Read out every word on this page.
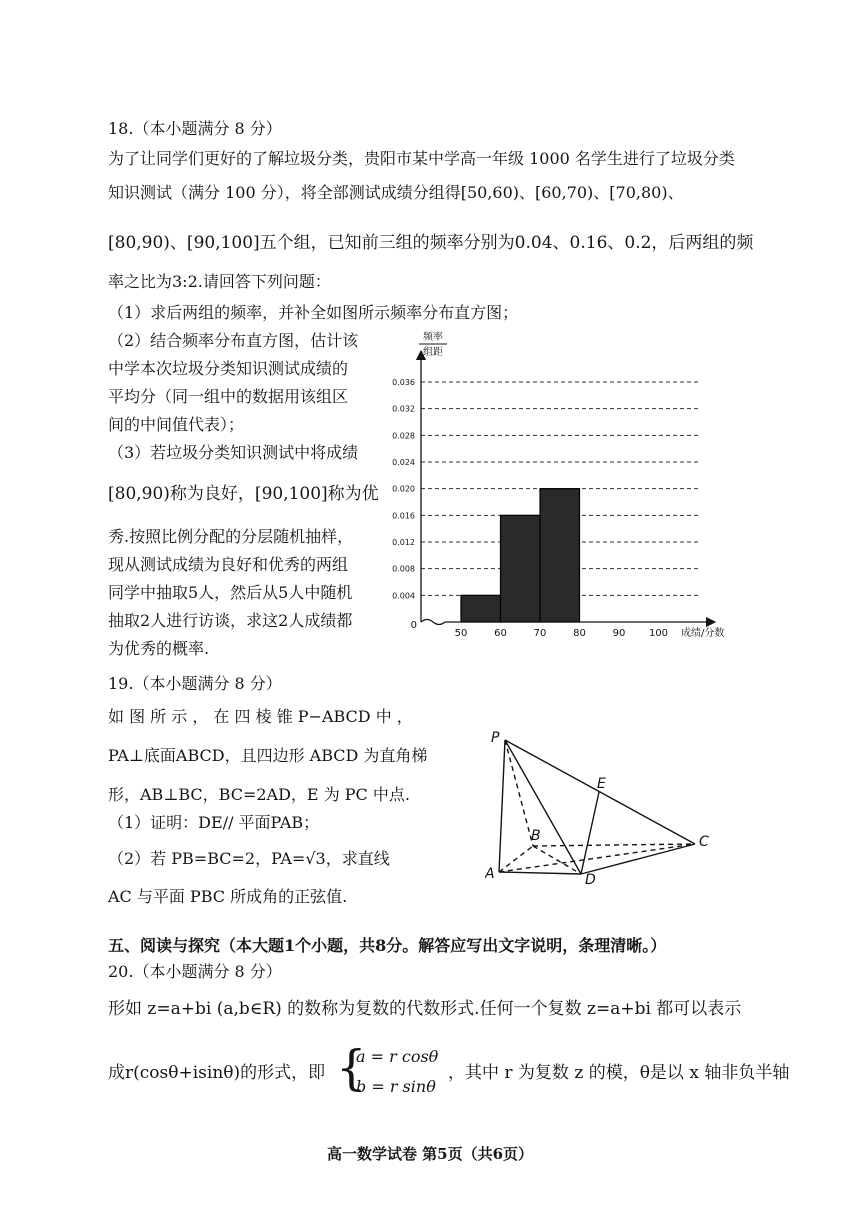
18.（本小题满分 8 分）
为了让同学们更好的了解垃圾分类，贵阳市某中学高一年级 1000 名学生进行了垃圾分类
知识测试（满分 100 分），将全部测试成绩分组得[50,60)、[60,70)、[70,80)、
[80,90)、[90,100]五个组，已知前三组的频率分别为0.04、0.16、0.2，后两组的频
率之比为3:2.请回答下列问题：
（1）求后两组的频率，并补全如图所示频率分布直方图；
（2）结合频率分布直方图，估计该
中学本次垃圾分类知识测试成绩的
平均分（同一组中的数据用该组区
间的中间值代表）；
（3）若垃圾分类知识测试中将成绩
[80,90)称为良好，[90,100]称为优
秀.按照比例分配的分层随机抽样，
现从测试成绩为良好和优秀的两组
同学中抽取5人，然后从5人中随机
抽取2人进行访谈，求这2人成绩都
为优秀的概率.
0.004
0.008
0.012
0.016
0.020
0.024
0.028
0.032
0.036
50	60	70	80	90 100
0
成绩/分数
频率
组距
19.（本小题满分 8 分）
如 图 所 示 ， 在 四 棱 锥 P−ABCD 中 ，
PA⊥底面ABCD，且四边形 ABCD 为直角梯
形，AB⊥BC，BC=2AD，E 为 PC 中点.
（1）证明：DE// 平面PAB；
（2）若 PB=BC=2，PA=√3，求直线
AC 与平面 PBC 所成角的正弦值.
P
A
B	C
D
E
五、阅读与探究（本大题1个小题，共8分。解答应写出文字说明，条理清晰。）
20.（本小题满分 8 分）
形如 z=a+bi (a,b∈R) 的数称为复数的代数形式.任何一个复数 z=a+bi 都可以表示
成r(cosθ+isinθ)的形式，即 {
a = r cosθ
b = r sinθ
，其中 r 为复数 z 的模，θ是以 x 轴非负半轴
高一数学试卷 第5页（共6页）
